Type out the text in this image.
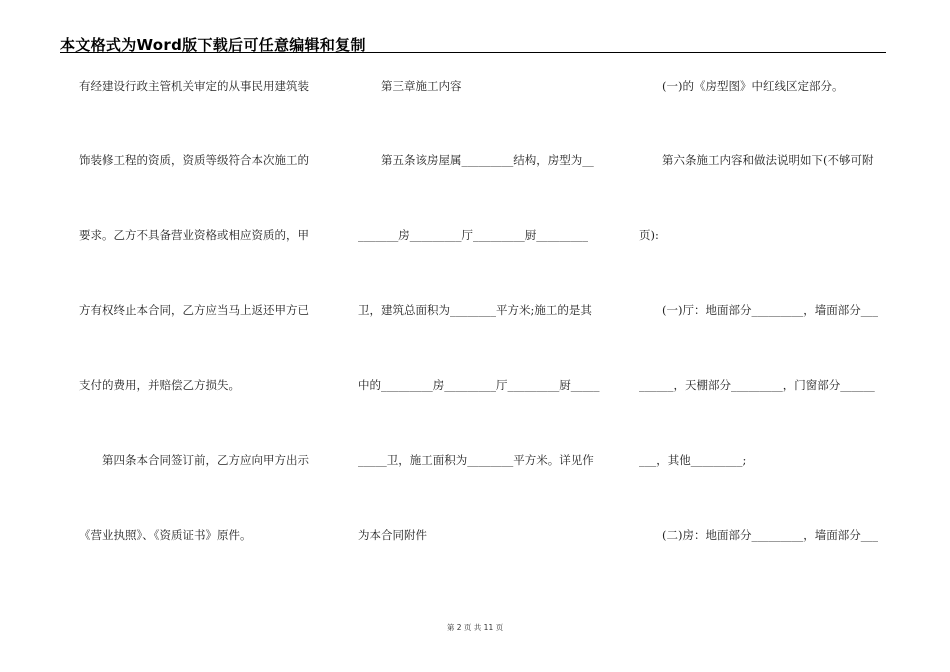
本文格式为Word版下载后可任意编辑和复制
有经建设行政主管机关审定的从事民用建筑装
饰装修工程的资质，资质等级符合本次施工的
要求。乙方不具备营业资格或相应资质的，甲
方有权终止本合同，乙方应当马上返还甲方已
支付的费用，并赔偿乙方损失。
　　第四条本合同签订前，乙方应向甲方出示
《营业执照》、《资质证书》原件。
　　第三章施工内容
　　第五条该房屋属_________结构，房型为__
_______房_________厅_________厨_________
卫，建筑总面积为________平方米;施工的是其
中的_________房_________厅_________厨_____
_____卫，施工面积为________平方米。详见作
为本合同附件
　　(一)的《房型图》中红线区定部分。
　　第六条施工内容和做法说明如下(不够可附
页):
　　(一)厅：地面部分_________，墙面部分___
______，天棚部分_________，门窗部分______
___，其他_________;
　　(二)房：地面部分_________，墙面部分___
第 2 页 共 11 页
